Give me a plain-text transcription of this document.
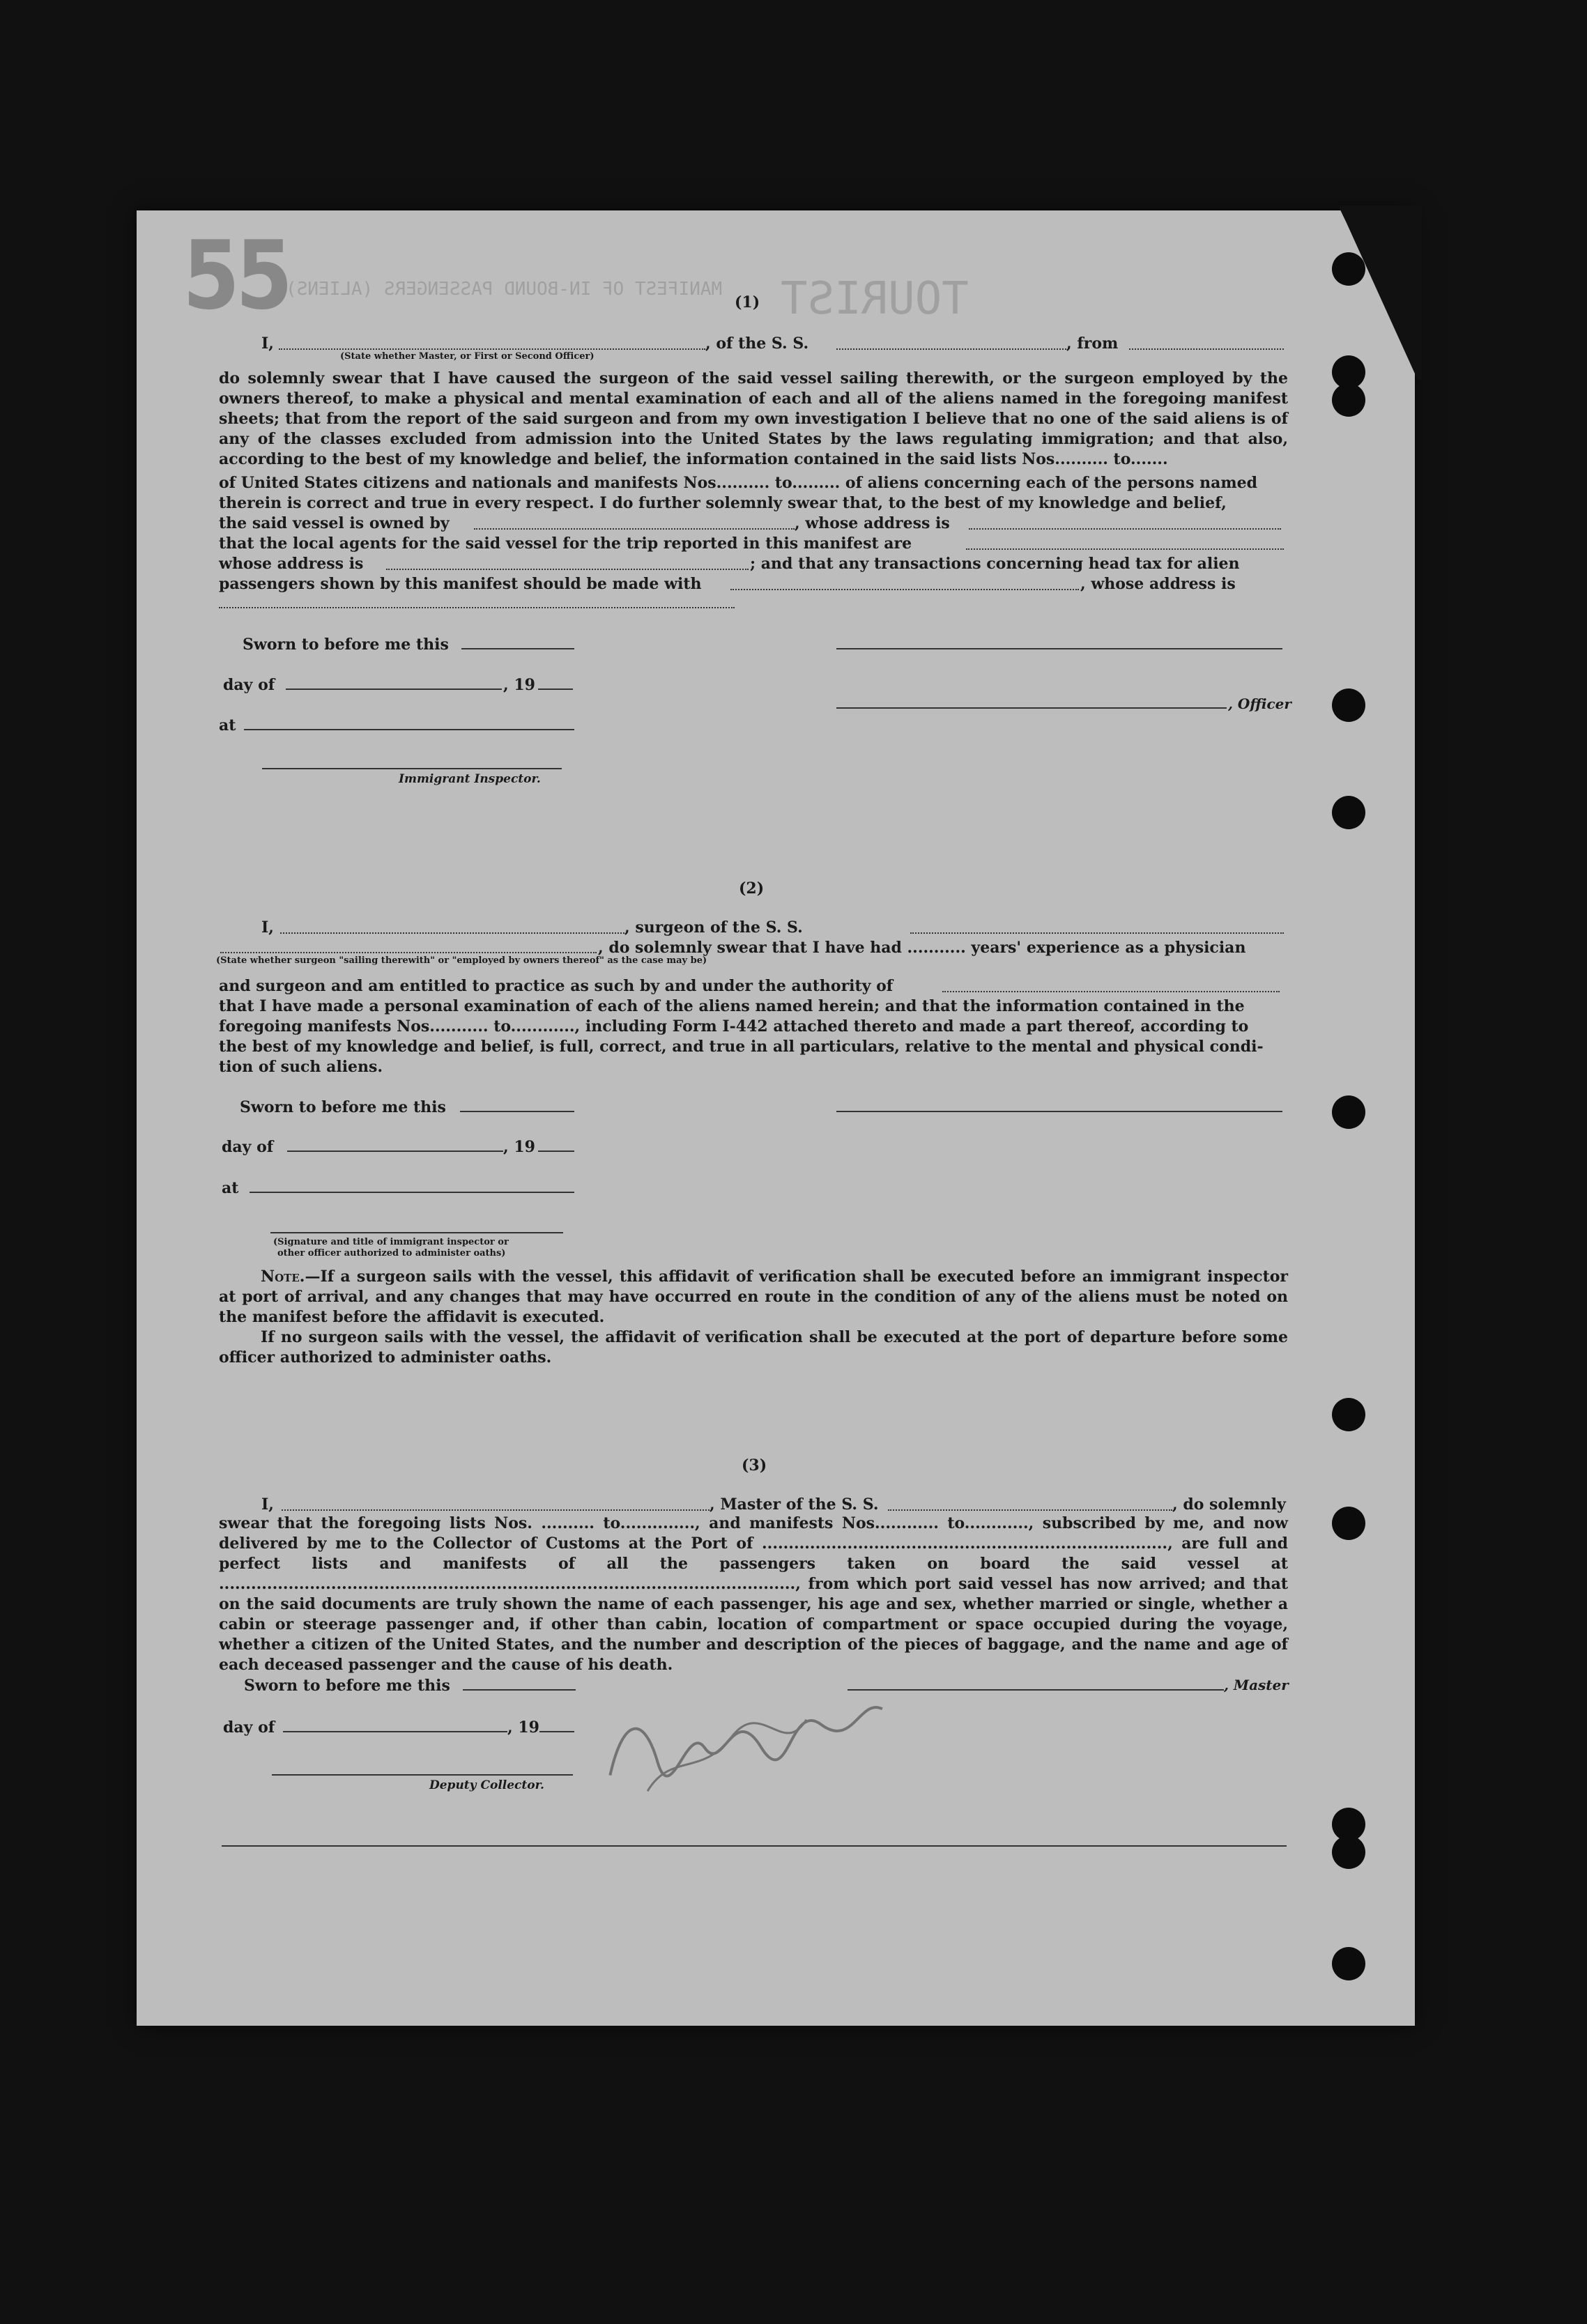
55	TOURIST
MANIFEST OF IN-BOUND PASSENGERS (ALIENS)
(1)
I,	, of the S. S.	, from
(State whether Master, or First or Second Officer)
do solemnly swear that I have caused the surgeon of the said vessel sailing therewith, or the surgeon employed by the owners thereof, to make a physical and mental examination of each and all of the aliens named in the foregoing manifest sheets; that from the report of the said surgeon and from my own investigation I believe that no one of the said aliens is of any of the classes excluded from admission into the United States by the laws regulating immigration; and that also, according to the best of my knowledge and belief, the information contained in the said lists Nos.......... to.......
of United States citizens and nationals and manifests Nos.......... to......... of aliens concerning each of the persons named
therein is correct and true in every respect. I do further solemnly swear that, to the best of my knowledge and belief,
the said vessel is owned by	, whose address is
that the local agents for the said vessel for the trip reported in this manifest are
whose address is	; and that any transactions concerning head tax for alien
passengers shown by this manifest should be made with	, whose address is
Sworn to before me this
day of	, 19
, Officer
at
Immigrant Inspector.
(2)
I,	, surgeon of the S. S.
, do solemnly swear that I have had ........... years' experience as a physician
(State whether surgeon "sailing therewith" or "employed by owners thereof" as the case may be)
and surgeon and am entitled to practice as such by and under the authority of
that I have made a personal examination of each of the aliens named herein; and that the information contained in the
foregoing manifests Nos........... to............, including Form I-442 attached thereto and made a part thereof, according to
the best of my knowledge and belief, is full, correct, and true in all particulars, relative to the mental and physical condi-
tion of such aliens.
Sworn to before me this
day of	, 19
at
(Signature and title of immigrant inspector or
other officer authorized to administer oaths)
Note.—If a surgeon sails with the vessel, this affidavit of verification shall be executed before an immigrant inspector at port of arrival, and any changes that may have occurred en route in the condition of any of the aliens must be noted on the manifest before the affidavit is executed.
If no surgeon sails with the vessel, the affidavit of verification shall be executed at the port of departure before some officer authorized to administer oaths.
(3)
I,	, Master of the S. S.	, do solemnly
swear that the foregoing lists Nos. .......... to.............., and manifests Nos............ to............, subscribed by me, and now delivered by me to the Collector of Customs at the Port of ............................................................................, are full and perfect lists and manifests of all the passengers taken on board the said vessel at ............................................................................................................, from which port said vessel has now arrived; and that on the said documents are truly shown the name of each passenger, his age and sex, whether married or single, whether a cabin or steerage passenger and, if other than cabin, location of compartment or space occupied during the voyage, whether a citizen of the United States, and the number and description of the pieces of baggage, and the name and age of each deceased passenger and the cause of his death.
Sworn to before me this	, Master
day of	, 19
Deputy Collector.
